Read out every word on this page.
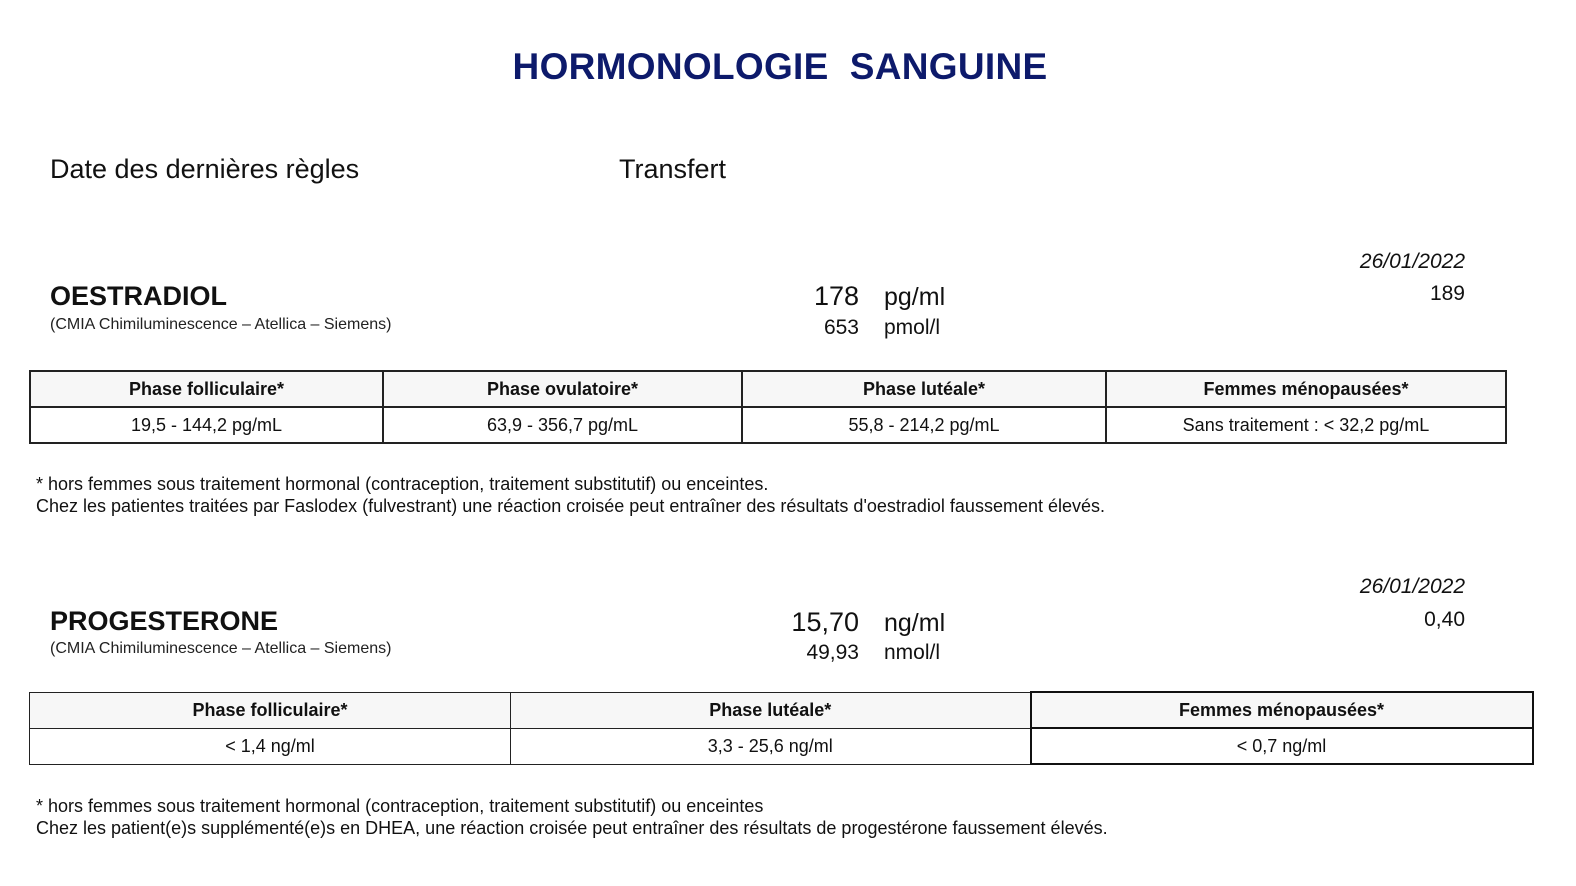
HORMONOLOGIE  SANGUINE
Date des dernières règles	Transfert
26/01/2022
OESTRADIOL
(CMIA Chimiluminescence – Atellica – Siemens)
178 pg/ml
653 pmol/l
189
Phase folliculaire*	Phase ovulatoire*	Phase lutéale*	Femmes ménopausées*
19,5 - 144,2 pg/mL	63,9 - 356,7 pg/mL	55,8 - 214,2 pg/mL	Sans traitement : < 32,2 pg/mL
* hors femmes sous traitement hormonal (contraception, traitement substitutif) ou enceintes.
Chez les patientes traitées par Faslodex (fulvestrant) une réaction croisée peut entraîner des résultats d'oestradiol faussement élevés.
26/01/2022
PROGESTERONE
(CMIA Chimiluminescence – Atellica – Siemens)
15,70 ng/ml
49,93 nmol/l
0,40
Phase folliculaire*	Phase lutéale*	Femmes ménopausées*
< 1,4 ng/ml	3,3 - 25,6 ng/ml	< 0,7 ng/ml
* hors femmes sous traitement hormonal (contraception, traitement substitutif) ou enceintes
Chez les patient(e)s supplémenté(e)s en DHEA, une réaction croisée peut entraîner des résultats de progestérone faussement élevés.
